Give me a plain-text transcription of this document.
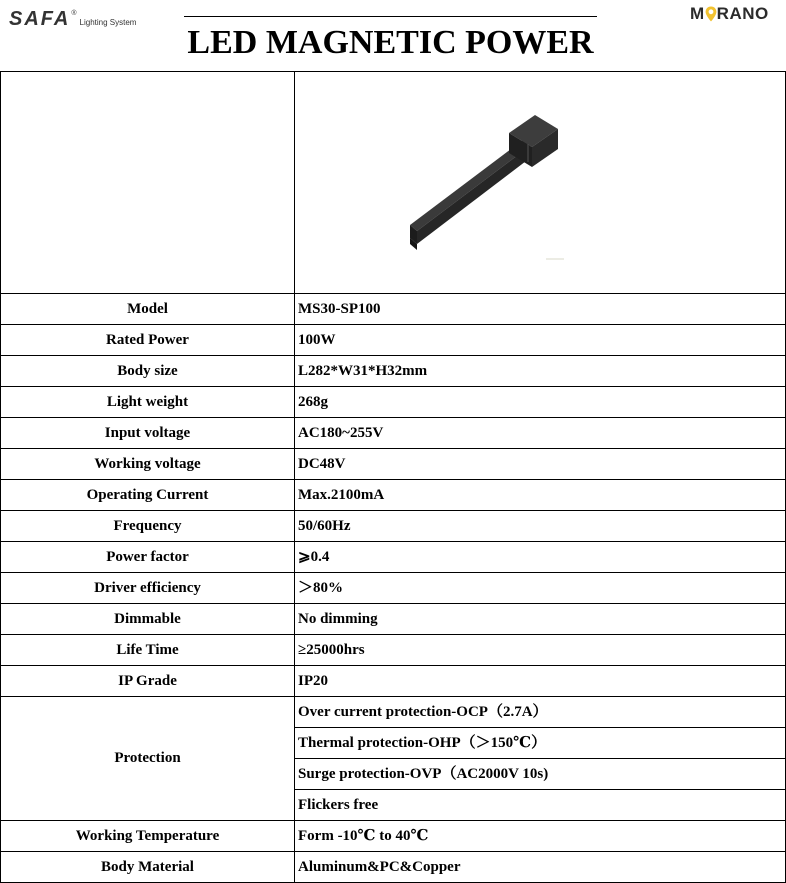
SAFA ®
Lighting System
LED MAGNETIC POWER
M RANO

Model	MS30-SP100
Rated Power	100W
Body size	L282*W31*H32mm
Light weight	268g
Input voltage	AC180~255V
Working voltage	DC48V
Operating Current	Max.2100mA
Frequency	50/60Hz
Power factor	⩾0.4
Driver efficiency	＞80%
Dimmable	No dimming
Life Time	≥25000hrs
IP Grade	IP20
Protection	Over current protection-OCP（2.7A）
	Thermal protection-OHP（＞150℃）
	Surge protection-OVP（AC2000V 10s)
	Flickers free
Working Temperature	Form -10℃ to 40℃
Body Material	Aluminum&PC&Copper
